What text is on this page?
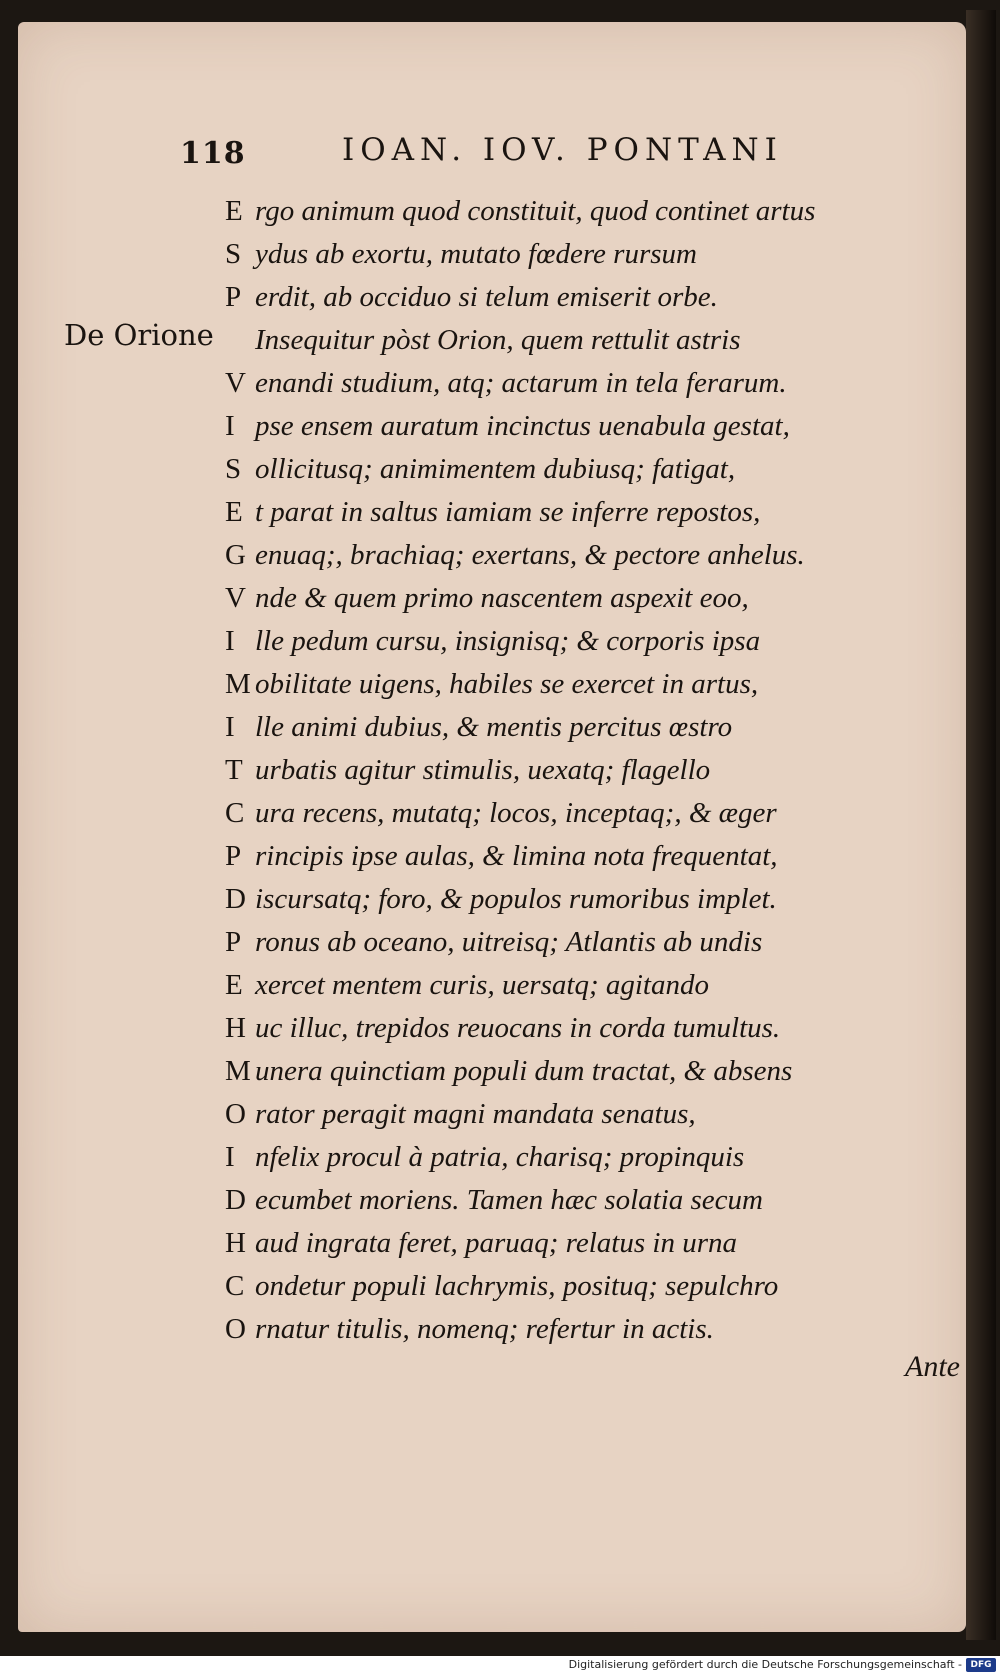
118	IOAN. IOV. PONTANI
De Orione
E rgo animum quod constituit, quod continet artus
S ydus ab exortu, mutato fœdere rursum
P erdit, ab occiduo si telum emiserit orbe.
Insequitur pòst Orion, quem rettulit astris
V enandi studium, atq; actarum in tela ferarum.
I pse ensem auratum incinctus uenabula gestat,
S ollicitusq; animimentem dubiusq; fatigat,
E t parat in saltus iamiam se inferre repostos,
G enuaq;, brachiaq; exertans, & pectore anhelus.
V nde & quem primo nascentem aspexit eoo,
I lle pedum cursu, insignisq; & corporis ipsa
M obilitate uigens, habiles se exercet in artus,
I lle animi dubius, & mentis percitus œstro
T urbatis agitur stimulis, uexatq; flagello
C ura recens, mutatq; locos, inceptaq;, & æger
P rincipis ipse aulas, & limina nota frequentat,
D iscursatq; foro, & populos rumoribus implet.
P ronus ab oceano, uitreisq; Atlantis ab undis
E xercet mentem curis, uersatq; agitando
H uc illuc, trepidos reuocans in corda tumultus.
M unera quinctiam populi dum tractat, & absens
O rator peragit magni mandata senatus,
I nfelix procul à patria, charisq; propinquis
D ecumbet moriens. Tamen hæc solatia secum
H aud ingrata feret, paruaq; relatus in urna
C ondetur populi lachrymis, posituq; sepulchro
O rnatur titulis, nomenq; refertur in actis.
Ante
Digitalisierung gefördert durch die Deutsche Forschungsgemeinschaft - DFG
